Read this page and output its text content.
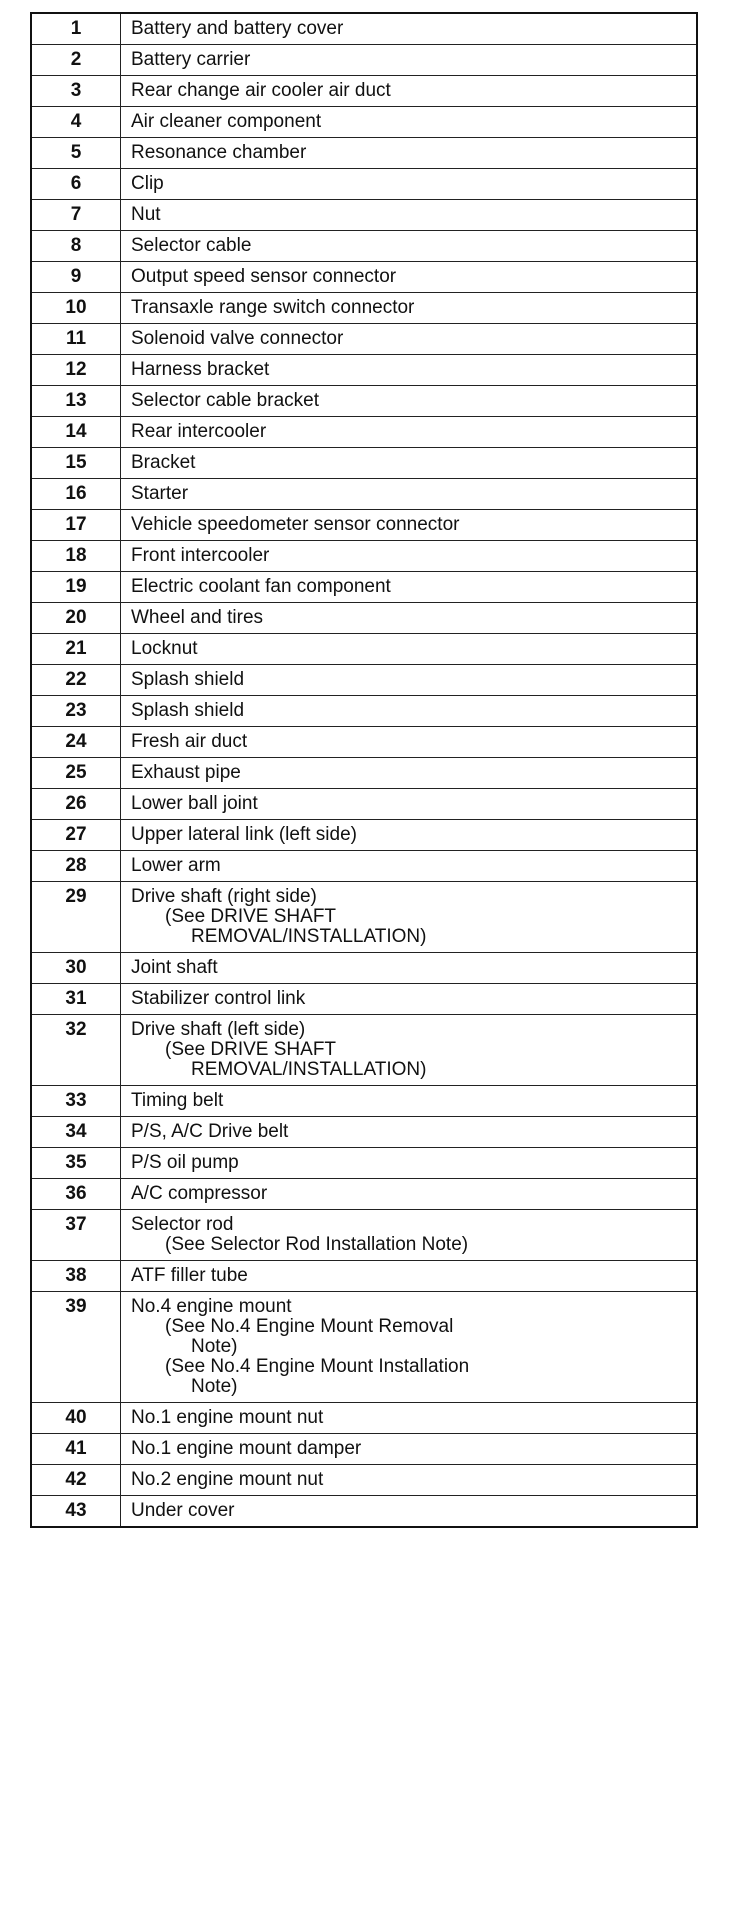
1	Battery and battery cover
2	Battery carrier
3	Rear change air cooler air duct
4	Air cleaner component
5	Resonance chamber
6	Clip
7	Nut
8	Selector cable
9	Output speed sensor connector
10	Transaxle range switch connector
11	Solenoid valve connector
12	Harness bracket
13	Selector cable bracket
14	Rear intercooler
15	Bracket
16	Starter
17	Vehicle speedometer sensor connector
18	Front intercooler
19	Electric coolant fan component
20	Wheel and tires
21	Locknut
22	Splash shield
23	Splash shield
24	Fresh air duct
25	Exhaust pipe
26	Lower ball joint
27	Upper lateral link (left side)
28	Lower arm
29	Drive shaft (right side)
(See DRIVE SHAFT
REMOVAL/INSTALLATION)

30	Joint shaft
31	Stabilizer control link
32	Drive shaft (left side)
(See DRIVE SHAFT
REMOVAL/INSTALLATION)

33	Timing belt
34	P/S, A/C Drive belt
35	P/S oil pump
36	A/C compressor
37	Selector rod
(See Selector Rod Installation Note)

38	ATF filler tube
39	No.4 engine mount
(See No.4 Engine Mount Removal
Note)
(See No.4 Engine Mount Installation
Note)

40	No.1 engine mount nut
41	No.1 engine mount damper
42	No.2 engine mount nut
43	Under cover
